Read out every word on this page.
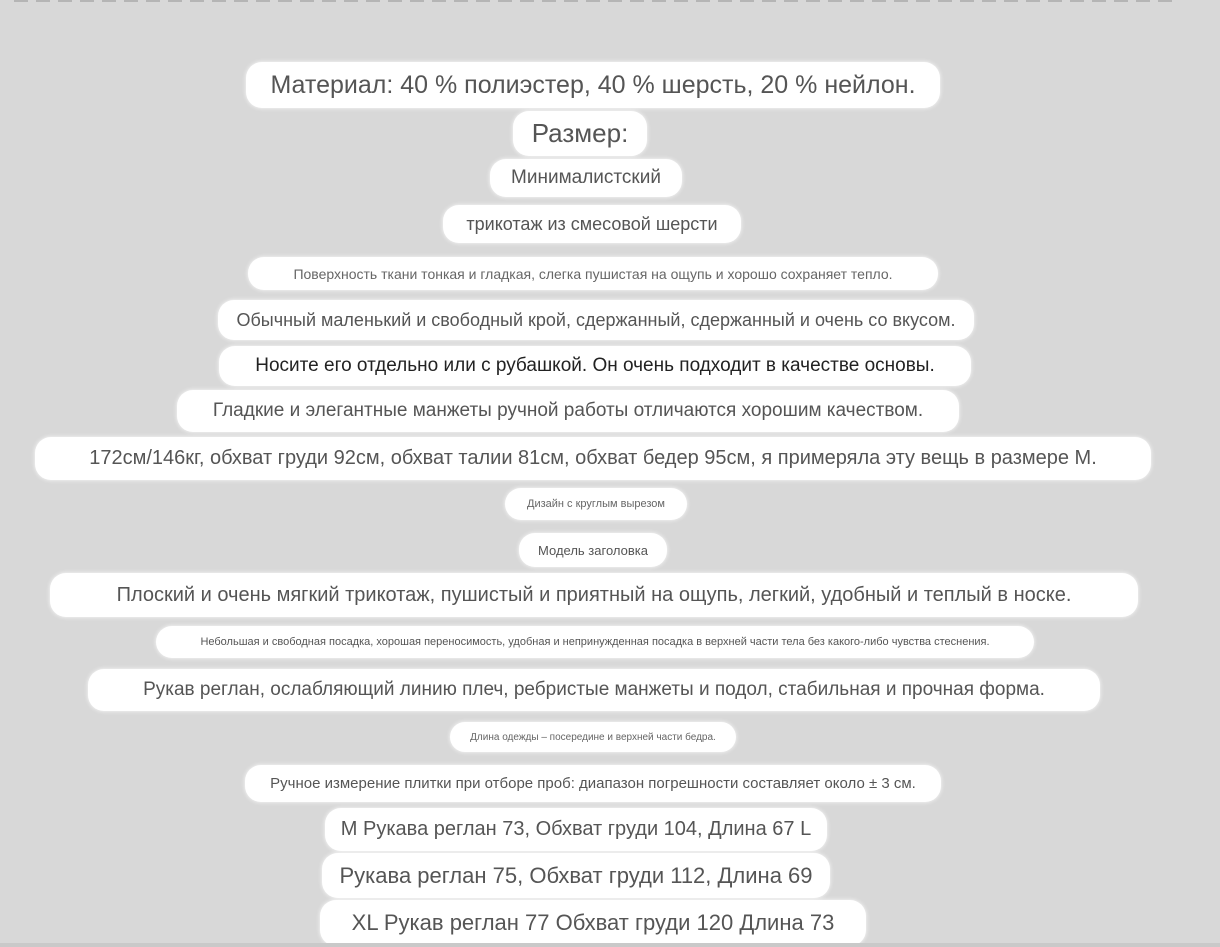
Материал: 40 % полиэстер, 40 % шерсть, 20 % нейлон.
Размер:
Минималистский
трикотаж из смесовой шерсти
Поверхность ткани тонкая и гладкая, слегка пушистая на ощупь и хорошо сохраняет тепло.
Обычный маленький и свободный крой, сдержанный, сдержанный и очень со вкусом.
Носите его отдельно или с рубашкой. Он очень подходит в качестве основы.
Гладкие и элегантные манжеты ручной работы отличаются хорошим качеством.
172см/146кг, обхват груди 92см, обхват талии 81см, обхват бедер 95см, я примеряла эту вещь в размере M.
Дизайн с круглым вырезом
Модель заголовка
Плоский и очень мягкий трикотаж, пушистый и приятный на ощупь, легкий, удобный и теплый в носке.
Небольшая и свободная посадка, хорошая переносимость, удобная и непринужденная посадка в верхней части тела без какого-либо чувства стеснения.
Рукав реглан, ослабляющий линию плеч, ребристые манжеты и подол, стабильная и прочная форма.
Длина одежды – посередине и верхней части бедра.
Ручное измерение плитки при отборе проб: диапазон погрешности составляет около ± 3 см.
M Рукава реглан 73, Обхват груди 104, Длина 67 L
Рукава реглан 75, Обхват груди 112, Длина 69
XL Рукав реглан 77 Обхват груди 120 Длина 73
